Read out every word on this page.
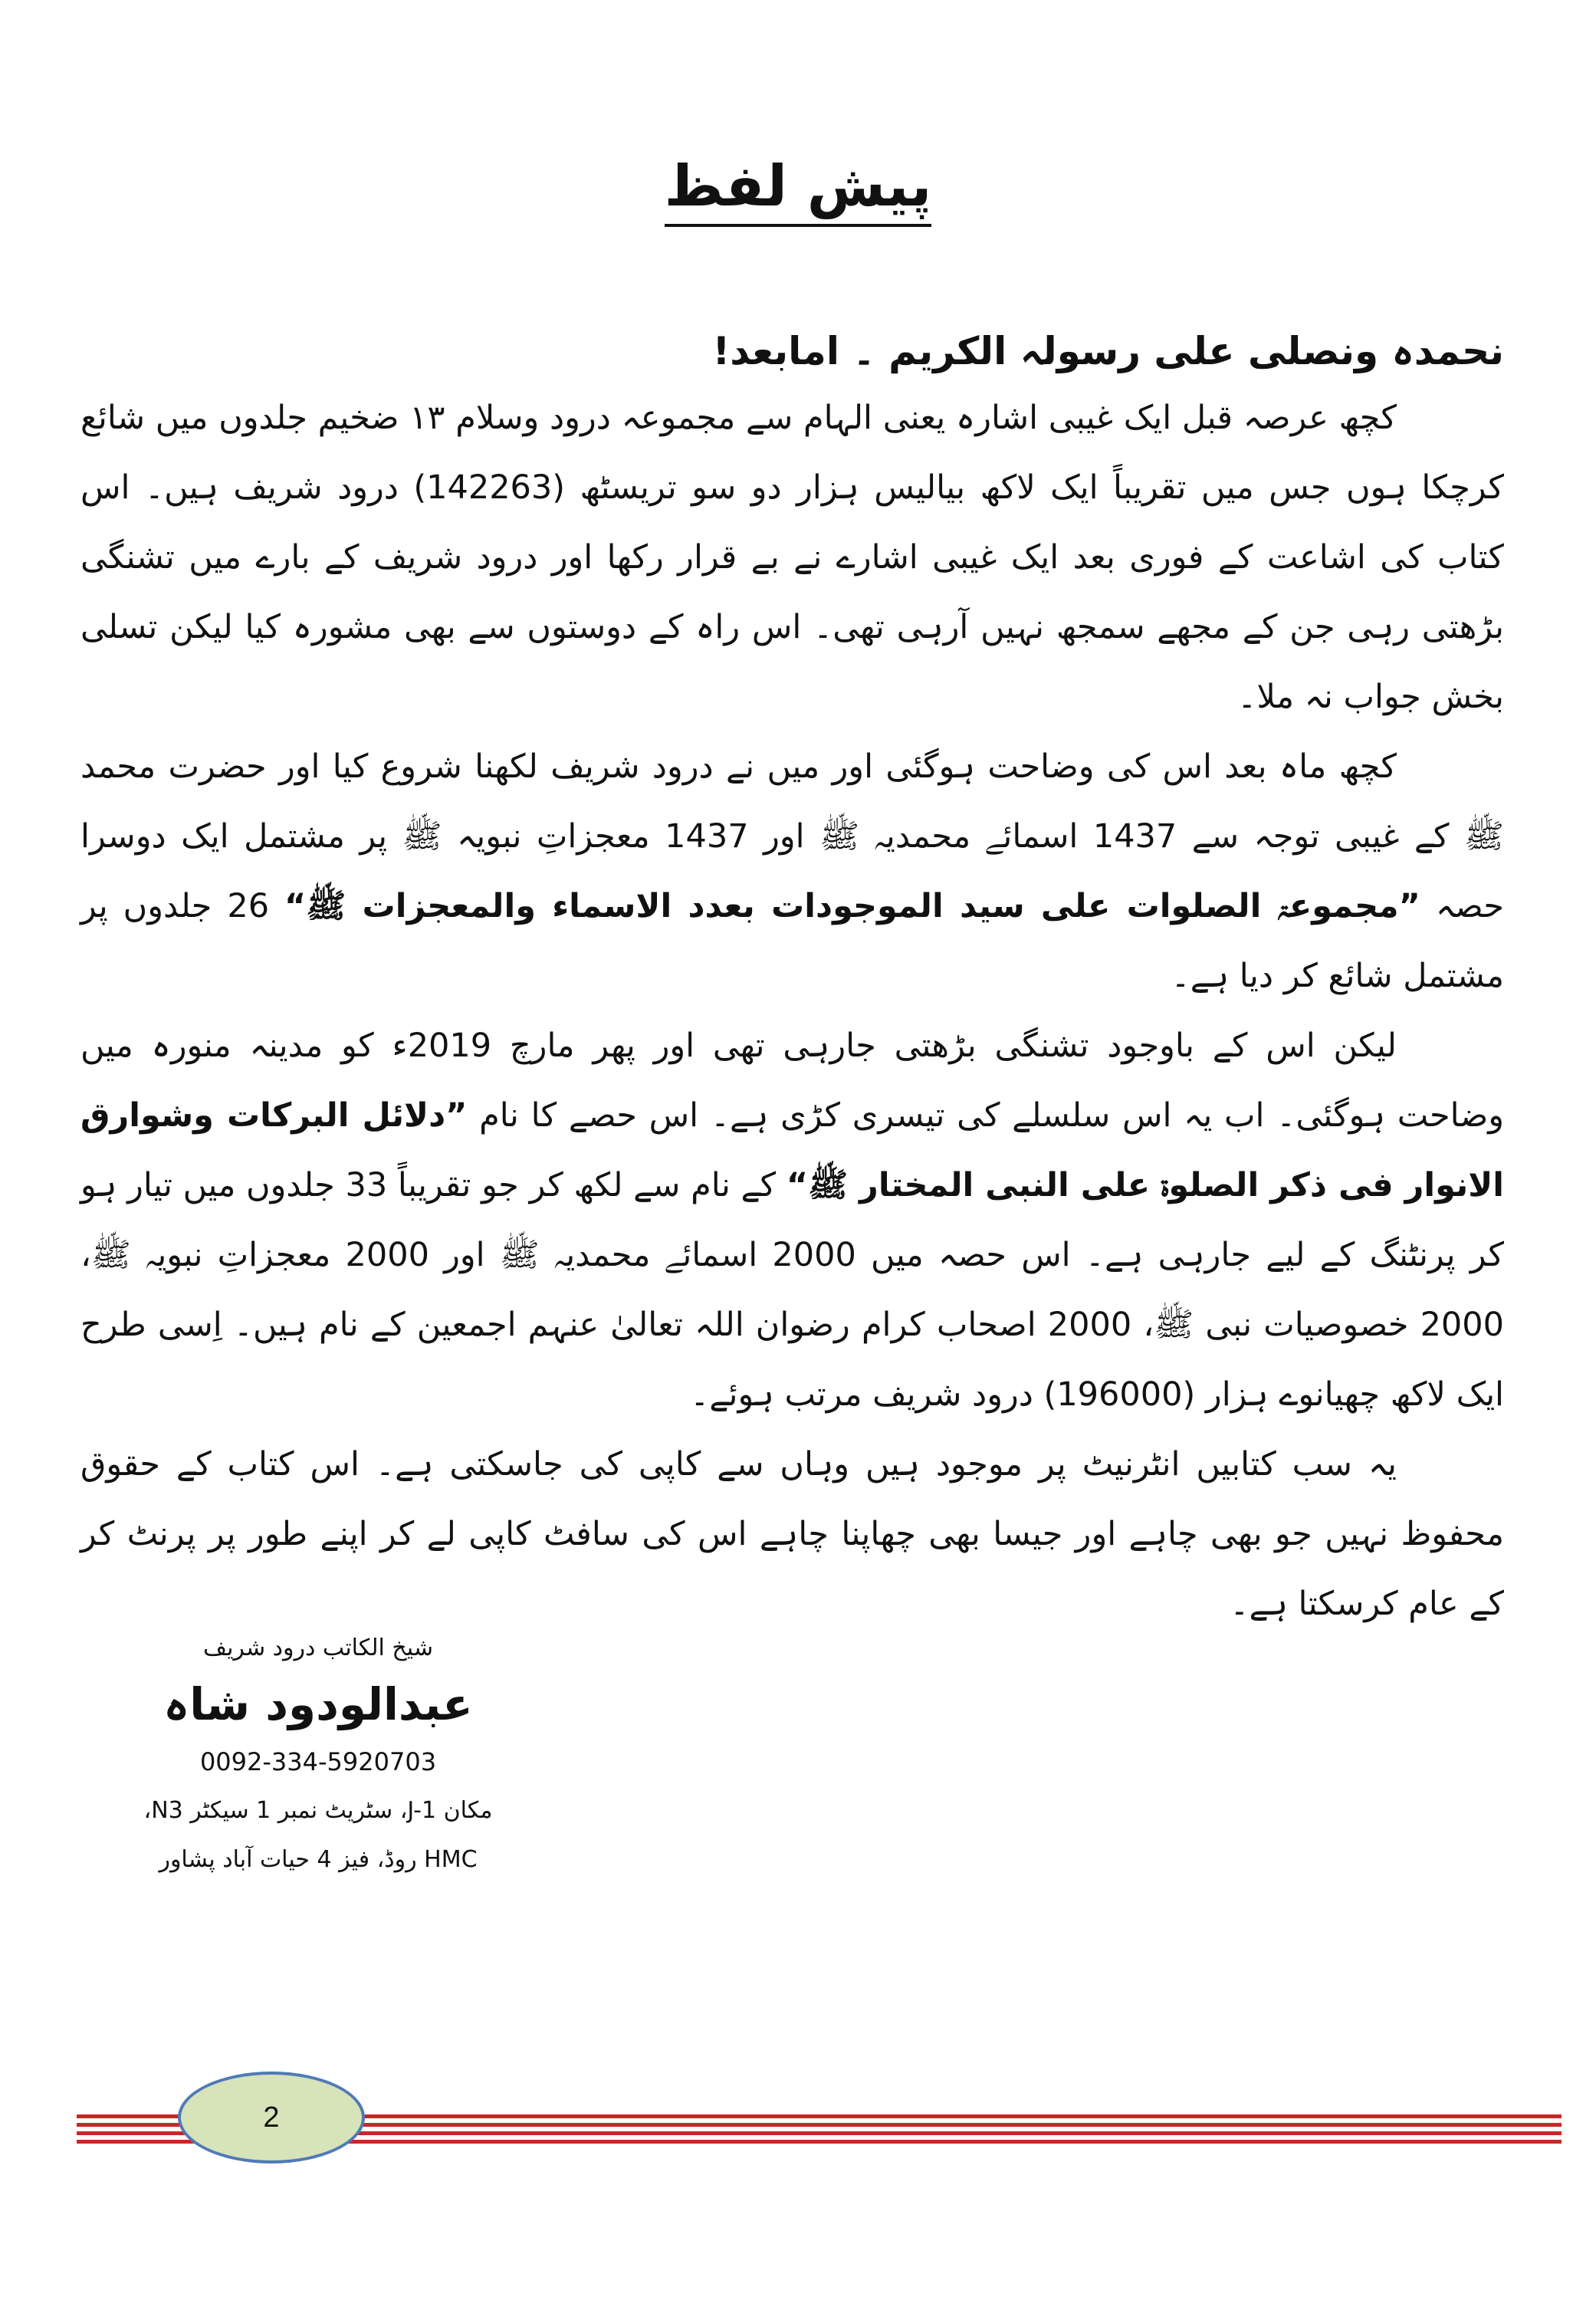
پیش لفظ

نحمدہ ونصلی علی رسولہ الکریم ۔ امابعد!

کچھ عرصہ قبل ایک غیبی اشارہ یعنی الہام سے مجموعہ درود وسلام ۱۳ ضخیم جلدوں میں شائع کرچکا ہوں جس میں تقریباً ایک لاکھ بیالیس ہزار دو سو تریسٹھ (142263) درود شریف ہیں۔ اس کتاب کی اشاعت کے فوری بعد ایک غیبی اشارے نے بے قرار رکھا اور درود شریف کے بارے میں تشنگی بڑھتی رہی جن کے مجھے سمجھ نہیں آرہی تھی۔ اس راہ کے دوستوں سے بھی مشورہ کیا لیکن تسلی بخش جواب نہ ملا۔

کچھ ماہ بعد اس کی وضاحت ہوگئی اور میں نے درود شریف لکھنا شروع کیا اور حضرت محمد ﷺ کے غیبی توجہ سے 1437 اسمائے محمدیہ ﷺ اور 1437 معجزاتِ نبویہ ﷺ پر مشتمل ایک دوسرا حصہ ”مجموعۃ الصلوات علی سید الموجودات بعدد الاسماء والمعجزات ﷺ“ 26 جلدوں پر مشتمل شائع کر دیا ہے۔

لیکن اس کے باوجود تشنگی بڑھتی جارہی تھی اور پھر مارچ 2019ء کو مدینہ منورہ میں وضاحت ہوگئی۔ اب یہ اس سلسلے کی تیسری کڑی ہے۔ اس حصے کا نام ”دلائل البرکات وشوارق الانوار فی ذکر الصلوۃ علی النبی المختار ﷺ“ کے نام سے لکھ کر جو تقریباً 33 جلدوں میں تیار ہو کر پرنٹنگ کے لیے جارہی ہے۔ اس حصہ میں 2000 اسمائے محمدیہ ﷺ اور 2000 معجزاتِ نبویہ ﷺ، 2000 خصوصیات نبی ﷺ، 2000 اصحاب کرام رضوان اللہ تعالیٰ عنہم اجمعین کے نام ہیں۔ اِسی طرح ایک لاکھ چھیانوے ہزار (196000) درود شریف مرتب ہوئے۔

یہ سب کتابیں انٹرنیٹ پر موجود ہیں وہاں سے کاپی کی جاسکتی ہے۔ اس کتاب کے حقوق محفوظ نہیں جو بھی چاہے اور جیسا بھی چھاپنا چاہے اس کی سافٹ کاپی لے کر اپنے طور پر پرنٹ کر کے عام کرسکتا ہے۔

شیخ الکاتب درود شریف
عبدالودود شاہ
0092-334-5920703
مکان J-1، سٹریٹ نمبر 1 سیکٹر N3،
HMC روڈ، فیز 4 حیات آباد پشاور
2
